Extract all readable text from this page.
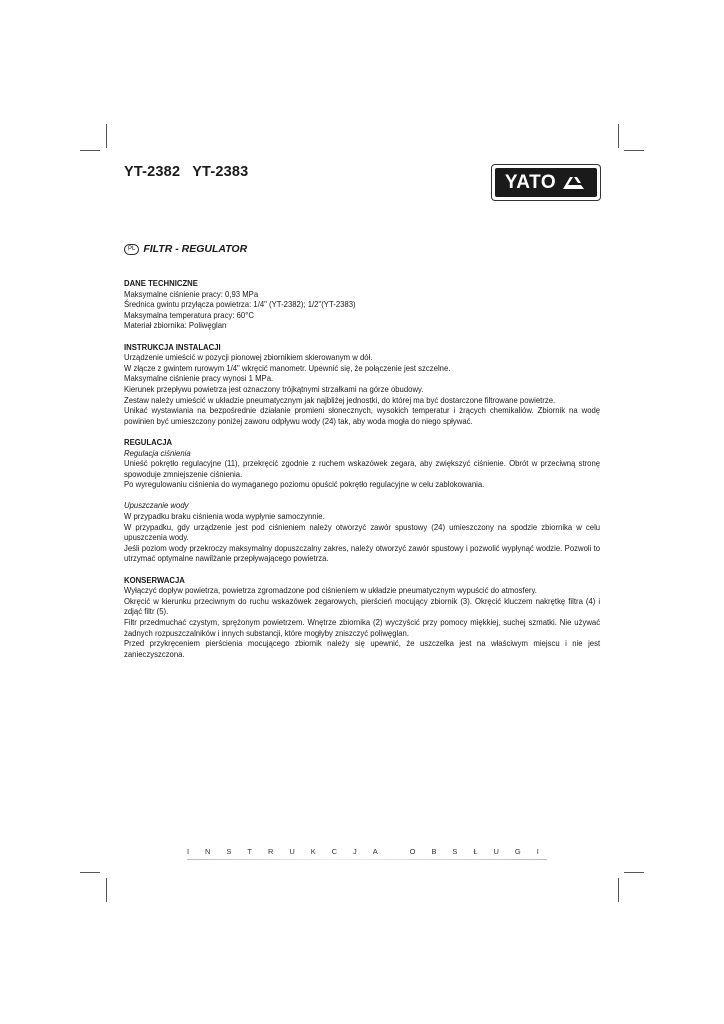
YT-2382 YT-2383	YATO
PL FILTR - REGULATOR
DANE TECHNICZNE

Maksymalne ciśnienie pracy: 0,93 MPa

Średnica gwintu przyłącza powietrza: 1/4" (YT-2382); 1/2"(YT-2383)

Maksymalna temperatura pracy: 60°C

Materiał zbiornika: Poliwęglan

INSTRUKCJA INSTALACJI

Urządzenie umieścić w pozycji pionowej zbiornikiem skierowanym w dół.

W złącze z gwintem rurowym 1/4" wkręcić manometr. Upewnić się, że połączenie jest szczelne.

Maksymalne ciśnienie pracy wynosi 1 MPa.

Kierunek przepływu powietrza jest oznaczony trójkątnymi strzałkami na górze obudowy.

Zestaw należy umieścić w układzie pneumatycznym jak najbliżej jednostki, do której ma być dostarczone filtrowane powietrze.

Unikać wystawiania na bezpośrednie działanie promieni słonecznych, wysokich temperatur i żrących chemikaliów. Zbiornik na wodę powinien być umieszczony poniżej zaworu odpływu wody (24) tak, aby woda mogła do niego spływać.

REGULACJA

Regulacja ciśnienia

Unieść pokrętło regulacyjne (11), przekręcić zgodnie z ruchem wskazówek zegara, aby zwiększyć ciśnienie. Obrót w przeciwną stronę spowoduje zmniejszenie ciśnienia.

Po wyregulowaniu ciśnienia do wymaganego poziomu opuścić pokrętło regulacyjne w celu zablokowania.

Upuszczanie wody

W przypadku braku ciśnienia woda wypłynie samoczynnie.

W przypadku, gdy urządzenie jest pod ciśnieniem należy otworzyć zawór spustowy (24) umieszczony na spodzie zbiornika w celu upuszczenia wody.

Jeśli poziom wody przekroczy maksymalny dopuszczalny zakres, należy otworzyć zawór spustowy i pozwolić wypłynąć wodzie. Pozwoli to utrzymać optymalne nawilżanie przepływającego powietrza.

KONSERWACJA

Wyłączyć dopływ powietrza, powietrza zgromadzone pod ciśnieniem w układzie pneumatycznym wypuścić do atmosfery.

Okręcić w kierunku przeciwnym do ruchu wskazówek zegarowych, pierścień mocujący zbiornik (3). Okręcić kluczem nakrętkę filtra (4) i zdjąć filtr (5).

Filtr przedmuchać czystym, sprężonym powietrzem. Wnętrze zbiornika (2) wyczyścić przy pomocy miękkiej, suchej szmatki. Nie używać żadnych rozpuszczalników i innych substancji, które mogłyby zniszczyć poliwęglan.

Przed przykręceniem pierścienia mocującego zbiornik należy się upewnić, że uszczelka jest na właściwym miejscu i nie jest zanieczyszczona.

I N S T R U K C J A	O B S Ł U G I
